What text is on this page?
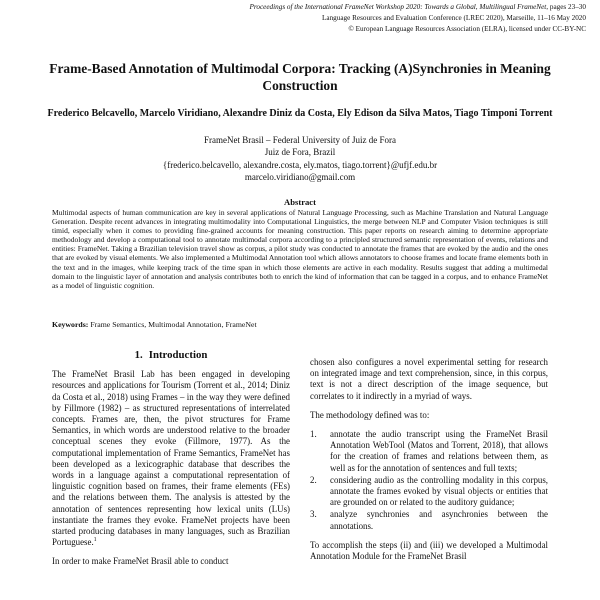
Proceedings of the International FrameNet Workshop 2020: Towards a Global, Multilingual FrameNet, pages 23–30
Language Resources and Evaluation Conference (LREC 2020), Marseille, 11–16 May 2020
© European Language Resources Association (ELRA), licensed under CC-BY-NC
Frame-Based Annotation of Multimodal Corpora: Tracking (A)Synchronies in Meaning Construction
Frederico Belcavello, Marcelo Viridiano, Alexandre Diniz da Costa, Ely Edison da Silva Matos, Tiago Timponi Torrent
FrameNet Brasil – Federal University of Juiz de Fora
Juiz de Fora, Brazil
{frederico.belcavello, alexandre.costa, ely.matos, tiago.torrent}@ufjf.edu.br
marcelo.viridiano@gmail.com
Abstract
Multimodal aspects of human communication are key in several applications of Natural Language Processing, such as Machine Translation and Natural Language Generation. Despite recent advances in integrating multimodality into Computational Linguistics, the merge between NLP and Computer Vision techniques is still timid, especially when it comes to providing fine-grained accounts for meaning construction. This paper reports on research aiming to determine appropriate methodology and develop a computational tool to annotate multimodal corpora according to a principled structured semantic representation of events, relations and entities: FrameNet. Taking a Brazilian television travel show as corpus, a pilot study was conducted to annotate the frames that are evoked by the audio and the ones that are evoked by visual elements. We also implemented a Multimodal Annotation tool which allows annotators to choose frames and locate frame elements both in the text and in the images, while keeping track of the time span in which those elements are active in each modality. Results suggest that adding a multimedal domain to the linguistic layer of annotation and analysis contributes both to enrich the kind of information that can be tagged in a corpus, and to enhance FrameNet as a model of linguistic cognition.
Keywords: Frame Semantics, Multimodal Annotation, FrameNet
1. Introduction

The FrameNet Brasil Lab has been engaged in developing resources and applications for Tourism (Torrent et al., 2014; Diniz da Costa et al., 2018) using Frames – in the way they were defined by Fillmore (1982) – as structured representations of interrelated concepts. Frames are, then, the pivot structures for Frame Semantics, in which words are understood relative to the broader conceptual scenes they evoke (Fillmore, 1977). As the computational implementation of Frame Semantics, FrameNet has been developed as a lexicographic database that describes the words in a language against a computational representation of linguistic cognition based on frames, their frame elements (FEs) and the relations between them. The analysis is attested by the annotation of sentences representing how lexical units (LUs) instantiate the frames they evoke. FrameNet projects have been started producing databases in many languages, such as Brazilian Portuguese.$^1$

In order to make FrameNet Brasil able to conduct

chosen also configures a novel experimental setting for research on integrated image and text comprehension, since, in this corpus, text is not a direct description of the image sequence, but correlates to it indirectly in a myriad of ways.

The methodology defined was to:

1.	annotate the audio transcript using the FrameNet Brasil Annotation WebTool (Matos and Torrent, 2018), that allows for the creation of frames and relations between them, as well as for the annotation of sentences and full texts;
2.	considering audio as the controlling modality in this corpus, annotate the frames evoked by visual objects or entities that are grounded on or related to the auditory guidance;
3.	analyze synchronies and asynchronies between the annotations.

To accomplish the steps (ii) and (iii) we developed a Multimodal Annotation Module for the FrameNet Brasil
